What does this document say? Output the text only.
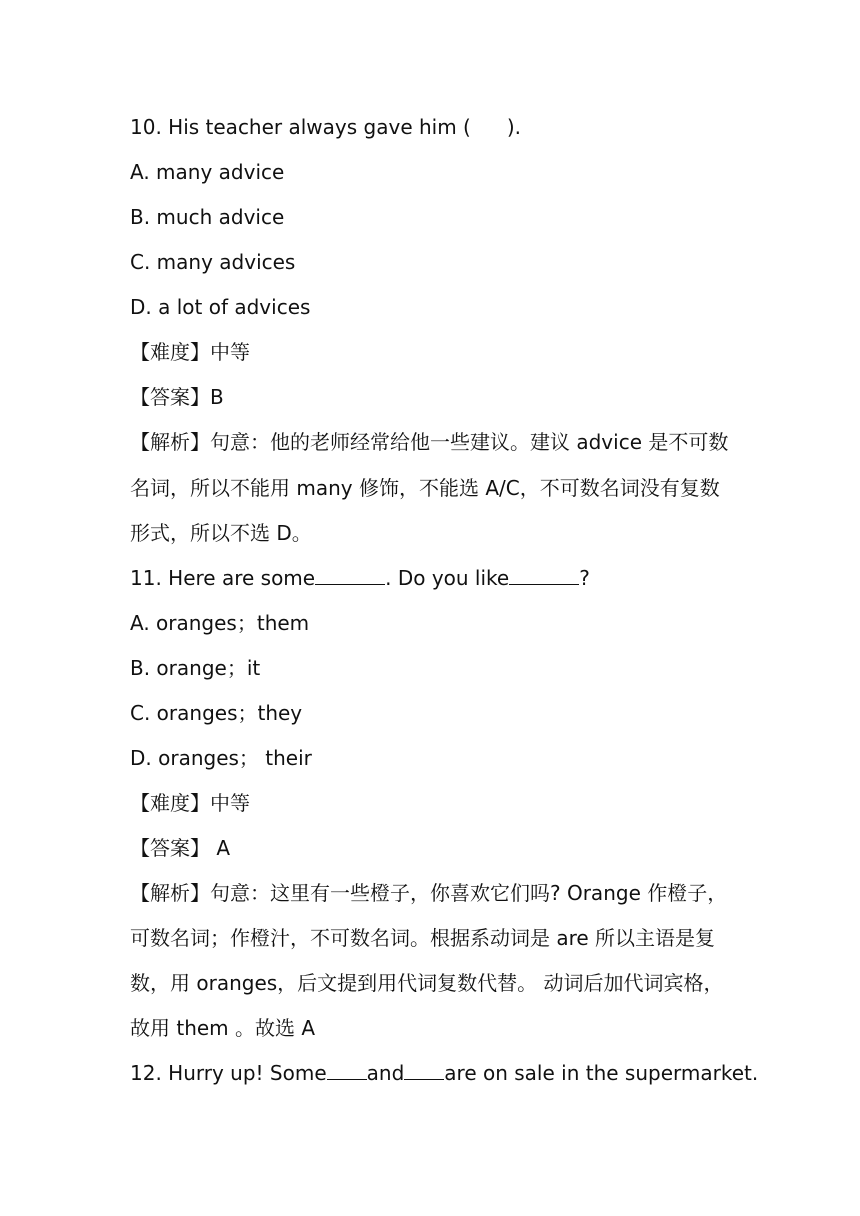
10. His teacher always gave him ( ).
A. many advice
B. much advice
C. many advices
D. a lot of advices
【难度】中等
【答案】B
【解析】句意：他的老师经常给他一些建议。建议 advice 是不可数
名词，所以不能用 many 修饰，不能选 A/C，不可数名词没有复数
形式，所以不选 D。
11. Here are some	. Do you like	?
A. oranges；them
B. orange；it
C. oranges；they
D. oranges； their
【难度】中等
【答案】 A
【解析】句意：这里有一些橙子，你喜欢它们吗? Orange 作橙子，
可数名词；作橙汁，不可数名词。根据系动词是 are 所以主语是复
数，用 oranges，后文提到用代词复数代替。 动词后加代词宾格，
故用 them 。故选 A
12. Hurry up! Some and are on sale in the supermarket.
